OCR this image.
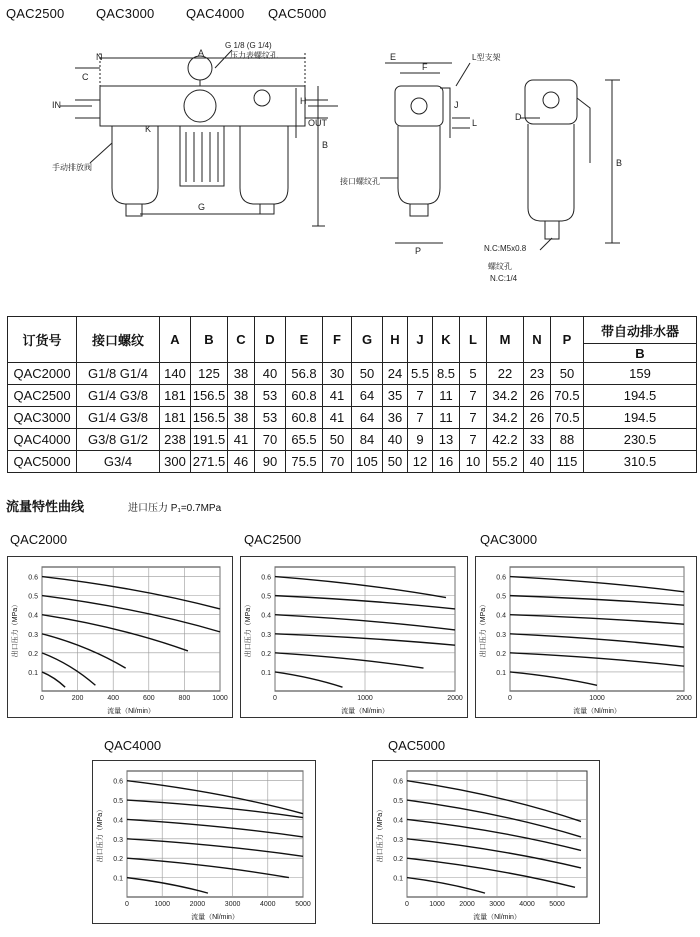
QAC2500 QAC3000 QAC4000 QAC5000
N	A
C
G 1/8 (G 1/4)
压力表螺纹孔
IN
OUT
K
H
B
G
手动排放阀
E
F
J
L
L型支架
接口螺纹孔
P
B
N.C:M5x0.8
螺纹孔
N.C:1/4
D
订货号	接口螺纹	A	B	C	D	E	F	G	H	J	K	L	M	N	P	带自动排水器
																B
QAC2000	G1/8 G1/4	140	125	38	40	56.8	30	50	24	5.5	8.5	5	22	23	50	159
QAC2500	G1/4 G3/8	181	156.5	38	53	60.8	41	64	35	7	11	7	34.2	26	70.5	194.5
QAC3000	G1/4 G3/8	181	156.5	38	53	60.8	41	64	36	7	11	7	34.2	26	70.5	194.5
QAC4000	G3/8 G1/2	238	191.5	41	70	65.5	50	84	40	9	13	7	42.2	33	88	230.5
QAC5000	G3/4	300	271.5	46	90	75.5	70	105	50	12	16	10	55.2	40	115	310.5
流量特性曲线	进口压力 P₁=0.7MPa
QAC2000	QAC2500	QAC3000
QAC4000	QAC5000
0.1
0.2
0.3
0.4
0.5
0.6
0	200	400	600	800	1000
流量（Nl/min）
出口压力（MPa）
0.1
0.2
0.3
0.4
0.5
0.6
0	1000	2000
流量（Nl/min）
出口压力（MPa）
0.1
0.2
0.3
0.4
0.5
0.6
0	1000	2000
流量（Nl/min）
出口压力（MPa）
0.1
0.2
0.3
0.4
0.5
0.6
0	1000	2000	3000	4000	5000
流量（Nl/min）
出口压力（MPa）
0.1
0.2
0.3
0.4
0.5
0.6
0	1000 2000 3000 4000 5000
流量（Nl/min）
出口压力（MPa）
